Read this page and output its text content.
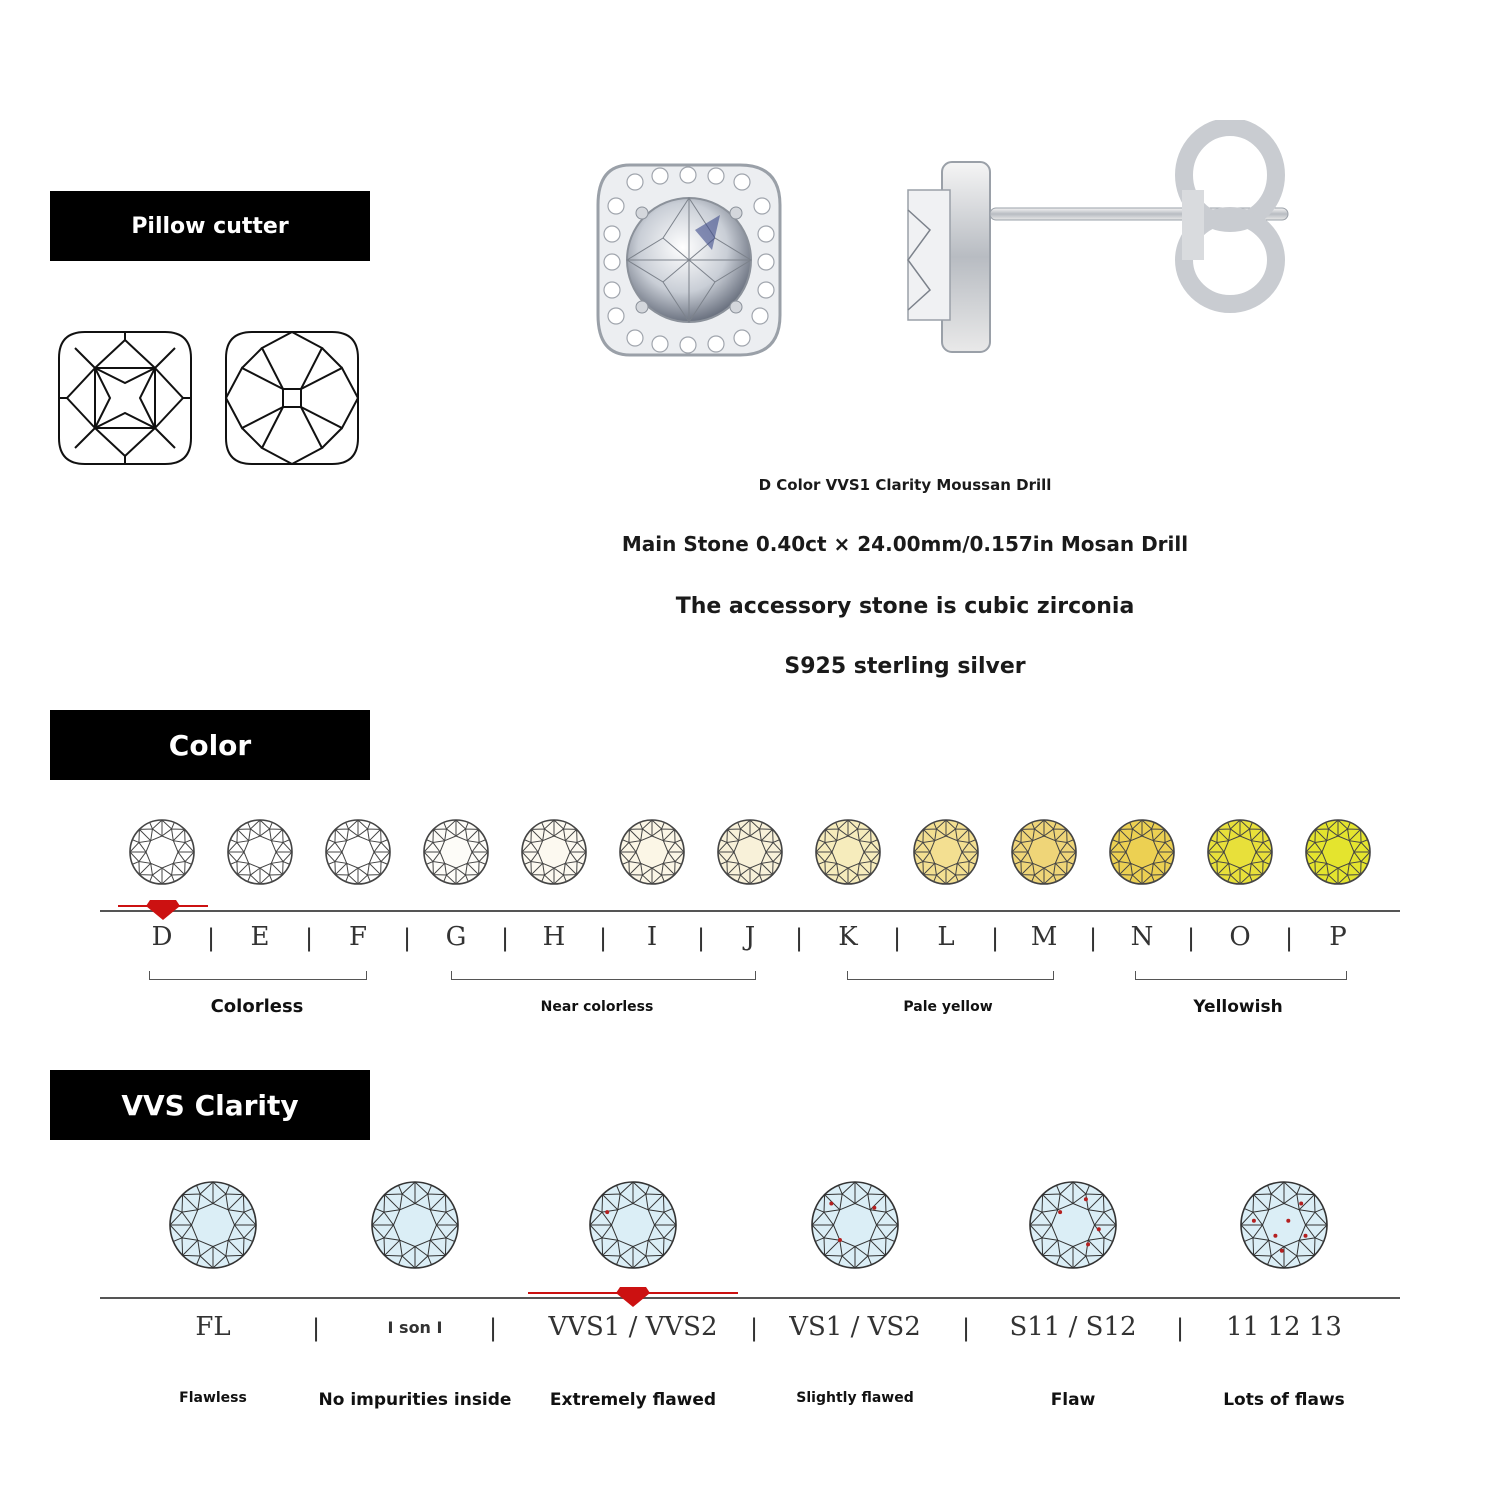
Pillow cutter
Color
VVS Clarity
D Color VVS1 Clarity Moussan Drill
Main Stone 0.40ct × 24.00mm/0.157in Mosan Drill
The accessory stone is cubic zirconia
S925 sterling silver
D	|	E	|	F	|	G	|	H	|	I	|	J	|	K	|	L	|	M	|	N	|	O	|	P
Colorless	Near colorless	Pale yellow	Yellowish
FL
Flawless
I son I
No impurities inside
VVS1 / VVS2
Extremely flawed
VS1 / VS2
Slightly flawed
S11 / S12
Flaw
11 12 13
Lots of flaws
|	|	|	|	|
